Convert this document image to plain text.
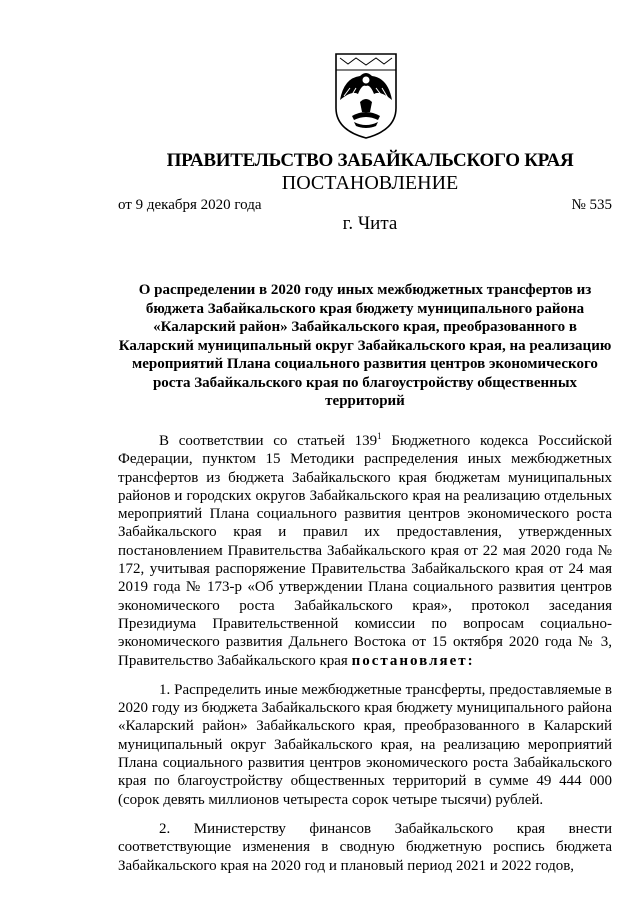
ПРАВИТЕЛЬСТВО ЗАБАЙКАЛЬСКОГО КРАЯ
ПОСТАНОВЛЕНИЕ
от 9 декабря 2020 года	№ 535
г. Чита
О распределении в 2020 году иных межбюджетных трансфертов из бюджета Забайкальского края бюджету муниципального района «Каларский район» Забайкальского края, преобразованного в Каларский муниципальный округ Забайкальского края, на реализацию мероприятий Плана социального развития центров экономического роста Забайкальского края по благоустройству общественных территорий

В соответствии со статьей $139^1$ Бюджетного кодекса Российской Федерации, пунктом 15 Методики распределения иных межбюджетных трансфертов из бюджета Забайкальского края бюджетам муниципальных районов и городских округов Забайкальского края на реализацию отдельных мероприятий Плана социального развития центров экономического роста Забайкальского края и правил их предоставления, утвержденных постановлением Правительства Забайкальского края от 22 мая 2020 года № 172, учитывая распоряжение Правительства Забайкальского края от 24 мая 2019 года № 173-р «Об утверждении Плана социального развития центров экономического роста Забайкальского края», протокол заседания Президиума Правительственной комиссии по вопросам социально-экономического развития Дальнего Востока от 15 октября 2020 года № 3, Правительство Забайкальского края постановляет:

1. Распределить иные межбюджетные трансферты, предоставляемые в 2020 году из бюджета Забайкальского края бюджету муниципального района «Каларский район» Забайкальского края, преобразованного в Каларский муниципальный округ Забайкальского края, на реализацию мероприятий Плана социального развития центров экономического роста Забайкальского края по благоустройству общественных территорий в сумме 49 444 000 (сорок девять миллионов четыреста сорок четыре тысячи) рублей.

2. Министерству финансов Забайкальского края внести соответствующие изменения в сводную бюджетную роспись бюджета Забайкальского края на 2020 год и плановый период 2021 и 2022 годов,
